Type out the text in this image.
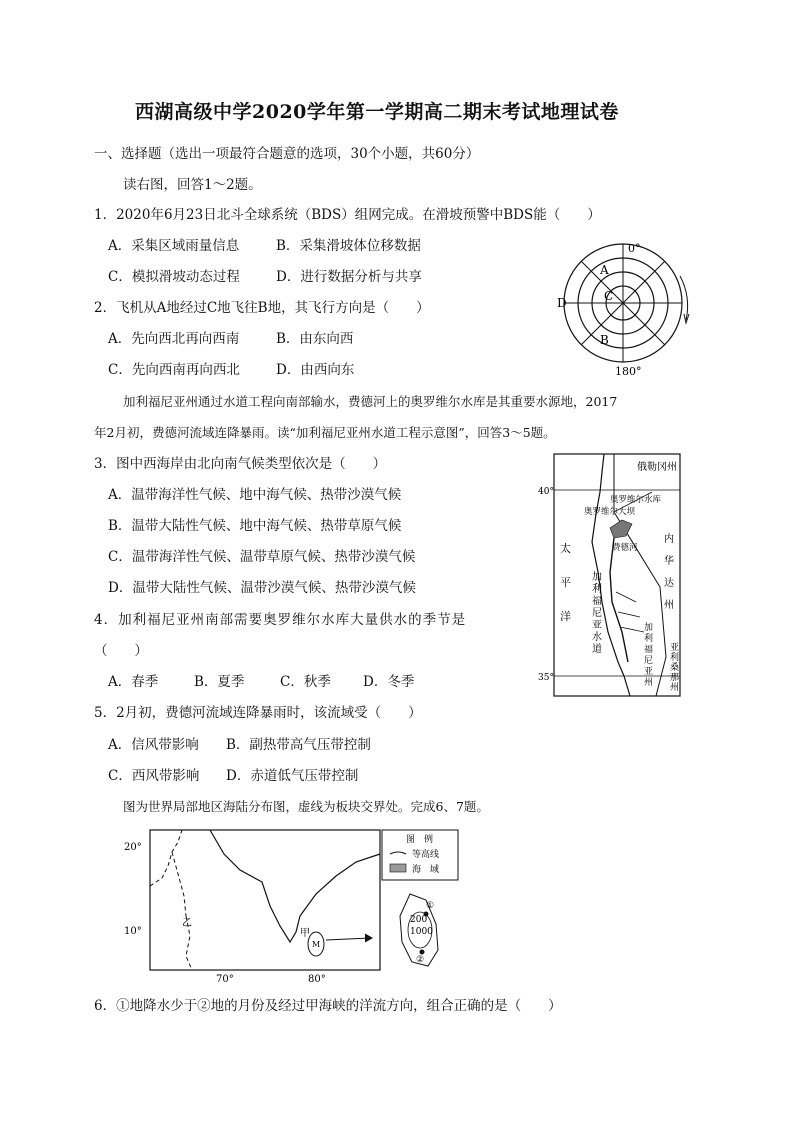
西湖高级中学2020学年第一学期高二期末考试地理试卷
一、选择题（选出一项最符合题意的选项，30个小题，共60分）
读右图，回答1～2题。
1．2020年6月23日北斗全球系统（BDS）组网完成。在滑坡预警中BDS能（　　）
A．采集区域雨量信息	B．采集滑坡体位移数据
C．模拟滑坡动态过程	D．进行数据分析与共享
2．飞机从A地经过C地飞往B地，其飞行方向是（　　）
A．先向西北再向西南	B．由东向西
C．先向西南再向西北	D．由西向东
0°
180°
A
B
C
D
加利福尼亚州通过水道工程向南部输水，费德河上的奥罗维尔水库是其重要水源地，2017
年2月初，费德河流域连降暴雨。读“加利福尼亚州水道工程示意图”，回答3～5题。
3．图中西海岸由北向南气候类型依次是（　　）
A．温带海洋性气候、地中海气候、热带沙漠气候
B．温带大陆性气候、地中海气候、热带草原气候
C．温带海洋性气候、温带草原气候、热带沙漠气候
D．温带大陆性气候、温带沙漠气候、热带沙漠气候
俄勒冈州
40°
35°
奥罗维尔水库
奥罗维尔大坝
费德河
太 平 洋
加 利 福 尼 亚 水 道
内 华 达 州
加 利 福 尼 亚 州
亚 利 桑 那 州
4．加利福尼亚州南部需要奥罗维尔水库大量供水的季节是
（　　）
A．春季	B．夏季	C．秋季 D．冬季
5．2月初，费德河流域连降暴雨时，该流域受（　　）
A．信风带影响 B．副热带高气压带控制
C．西风带影响 D．赤道低气压带控制
图为世界局部地区海陆分布图，虚线为板块交界处。完成6、7题。
20°
10°
70°	80°
乙
甲
M
图　例
等高线
海　域
200
1000
①
②
6．①地降水少于②地的月份及经过甲海峡的洋流方向，组合正确的是（　　）
